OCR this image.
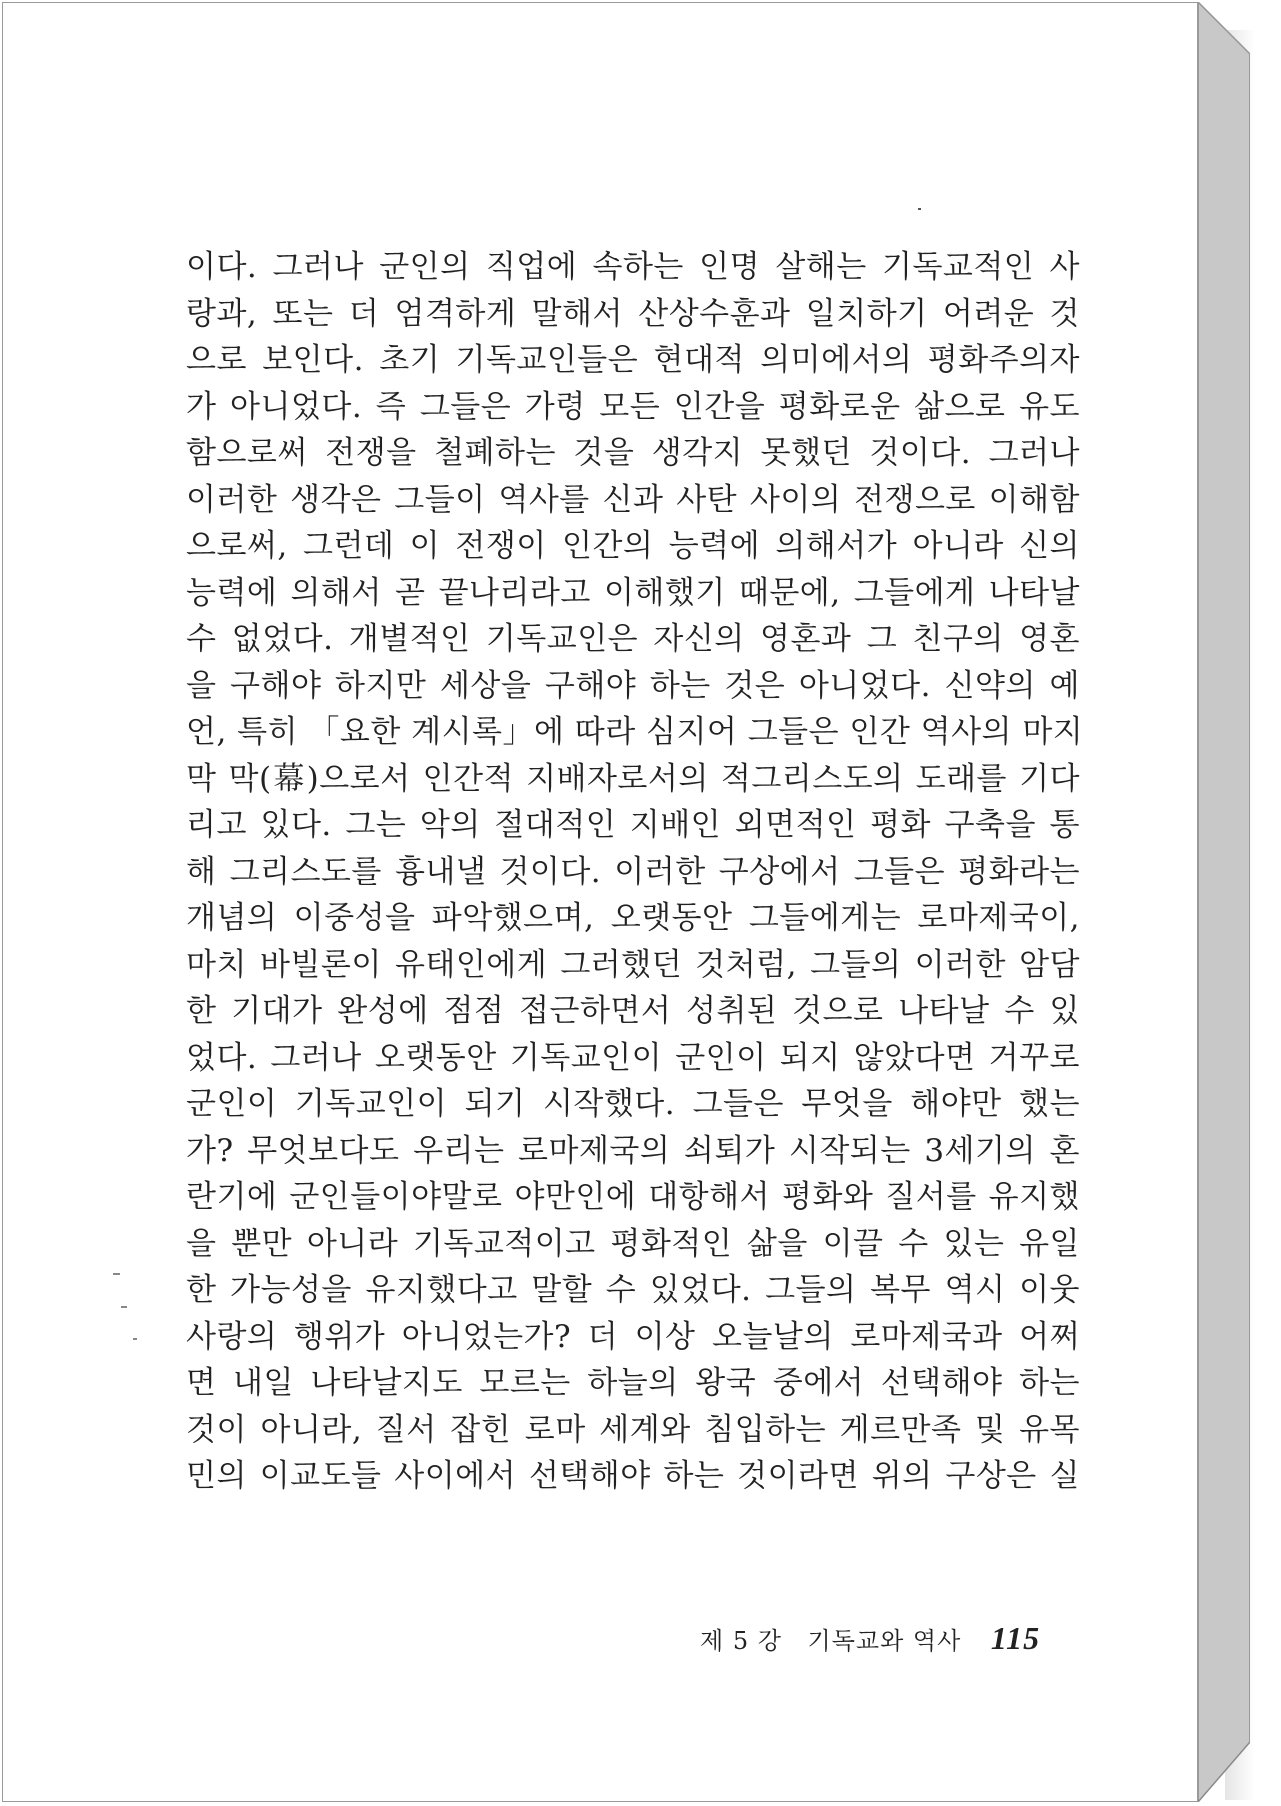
이다. 그러나 군인의 직업에 속하는 인명 살해는 기독교적인 사
랑과, 또는 더 엄격하게 말해서 산상수훈과 일치하기 어려운 것
으로 보인다. 초기 기독교인들은 현대적 의미에서의 평화주의자
가 아니었다. 즉 그들은 가령 모든 인간을 평화로운 삶으로 유도
함으로써 전쟁을 철폐하는 것을 생각지 못했던 것이다. 그러나
이러한 생각은 그들이 역사를 신과 사탄 사이의 전쟁으로 이해함
으로써, 그런데 이 전쟁이 인간의 능력에 의해서가 아니라 신의
능력에 의해서 곧 끝나리라고 이해했기 때문에, 그들에게 나타날
수 없었다. 개별적인 기독교인은 자신의 영혼과 그 친구의 영혼
을 구해야 하지만 세상을 구해야 하는 것은 아니었다. 신약의 예
언, 특히 「요한 계시록」에 따라 심지어 그들은 인간 역사의 마지
막 막(幕)으로서 인간적 지배자로서의 적그리스도의 도래를 기다
리고 있다. 그는 악의 절대적인 지배인 외면적인 평화 구축을 통
해 그리스도를 흉내낼 것이다. 이러한 구상에서 그들은 평화라는
개념의 이중성을 파악했으며, 오랫동안 그들에게는 로마제국이,
마치 바빌론이 유태인에게 그러했던 것처럼, 그들의 이러한 암담
한 기대가 완성에 점점 접근하면서 성취된 것으로 나타날 수 있
었다. 그러나 오랫동안 기독교인이 군인이 되지 않았다면 거꾸로
군인이 기독교인이 되기 시작했다. 그들은 무엇을 해야만 했는
가? 무엇보다도 우리는 로마제국의 쇠퇴가 시작되는 3세기의 혼
란기에 군인들이야말로 야만인에 대항해서 평화와 질서를 유지했
을 뿐만 아니라 기독교적이고 평화적인 삶을 이끌 수 있는 유일
한 가능성을 유지했다고 말할 수 있었다. 그들의 복무 역시 이웃
사랑의 행위가 아니었는가? 더 이상 오늘날의 로마제국과 어쩌
면 내일 나타날지도 모르는 하늘의 왕국 중에서 선택해야 하는
것이 아니라, 질서 잡힌 로마 세계와 침입하는 게르만족 및 유목
민의 이교도들 사이에서 선택해야 하는 것이라면 위의 구상은 실
제 5 강 기독교와 역사 115
